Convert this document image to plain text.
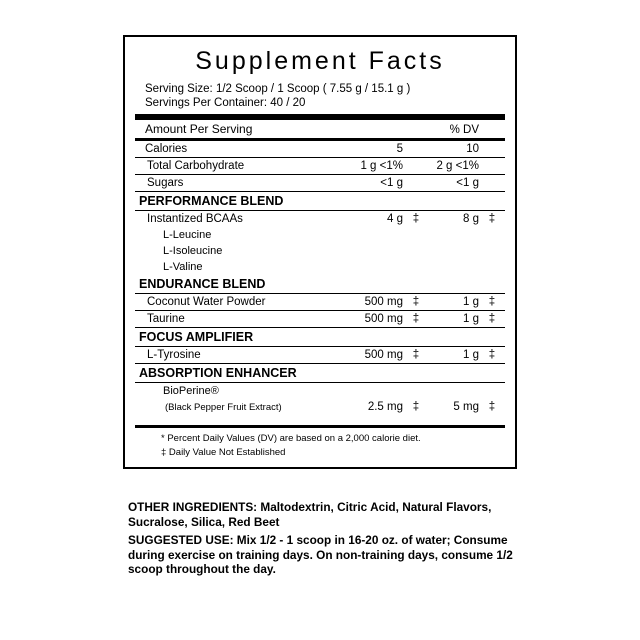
Supplement Facts
Serving Size: 1/2 Scoop / 1 Scoop ( 7.55 g / 15.1 g )
Servings Per Container: 40 / 20
Amount Per Serving			% DV	
Calories	5		10	
Total Carbohydrate	1 g <1%		2 g <1%	
Sugars	<1 g		<1 g	
PERFORMANCE BLEND				
Instantized BCAAs	4 g	‡	8 g	‡
L-Leucine				
L-Isoleucine				
L-Valine				
ENDURANCE BLEND				
Coconut Water Powder	500 mg	‡	1 g	‡
Taurine	500 mg	‡	1 g	‡
FOCUS AMPLIFIER				
L-Tyrosine	500 mg	‡	1 g	‡
ABSORPTION ENHANCER				
BioPerine®				
(Black Pepper Fruit Extract)	2.5 mg	‡	5 mg	‡
* Percent Daily Values (DV) are based on a 2,000 calorie diet.
‡ Daily Value Not Established

OTHER INGREDIENTS: Maltodextrin, Citric Acid, Natural Flavors, Sucralose, Silica, Red Beet

SUGGESTED USE: Mix 1/2 - 1 scoop in 16-20 oz. of water; Consume during exercise on training days. On non-training days, consume 1/2 scoop throughout the day.
